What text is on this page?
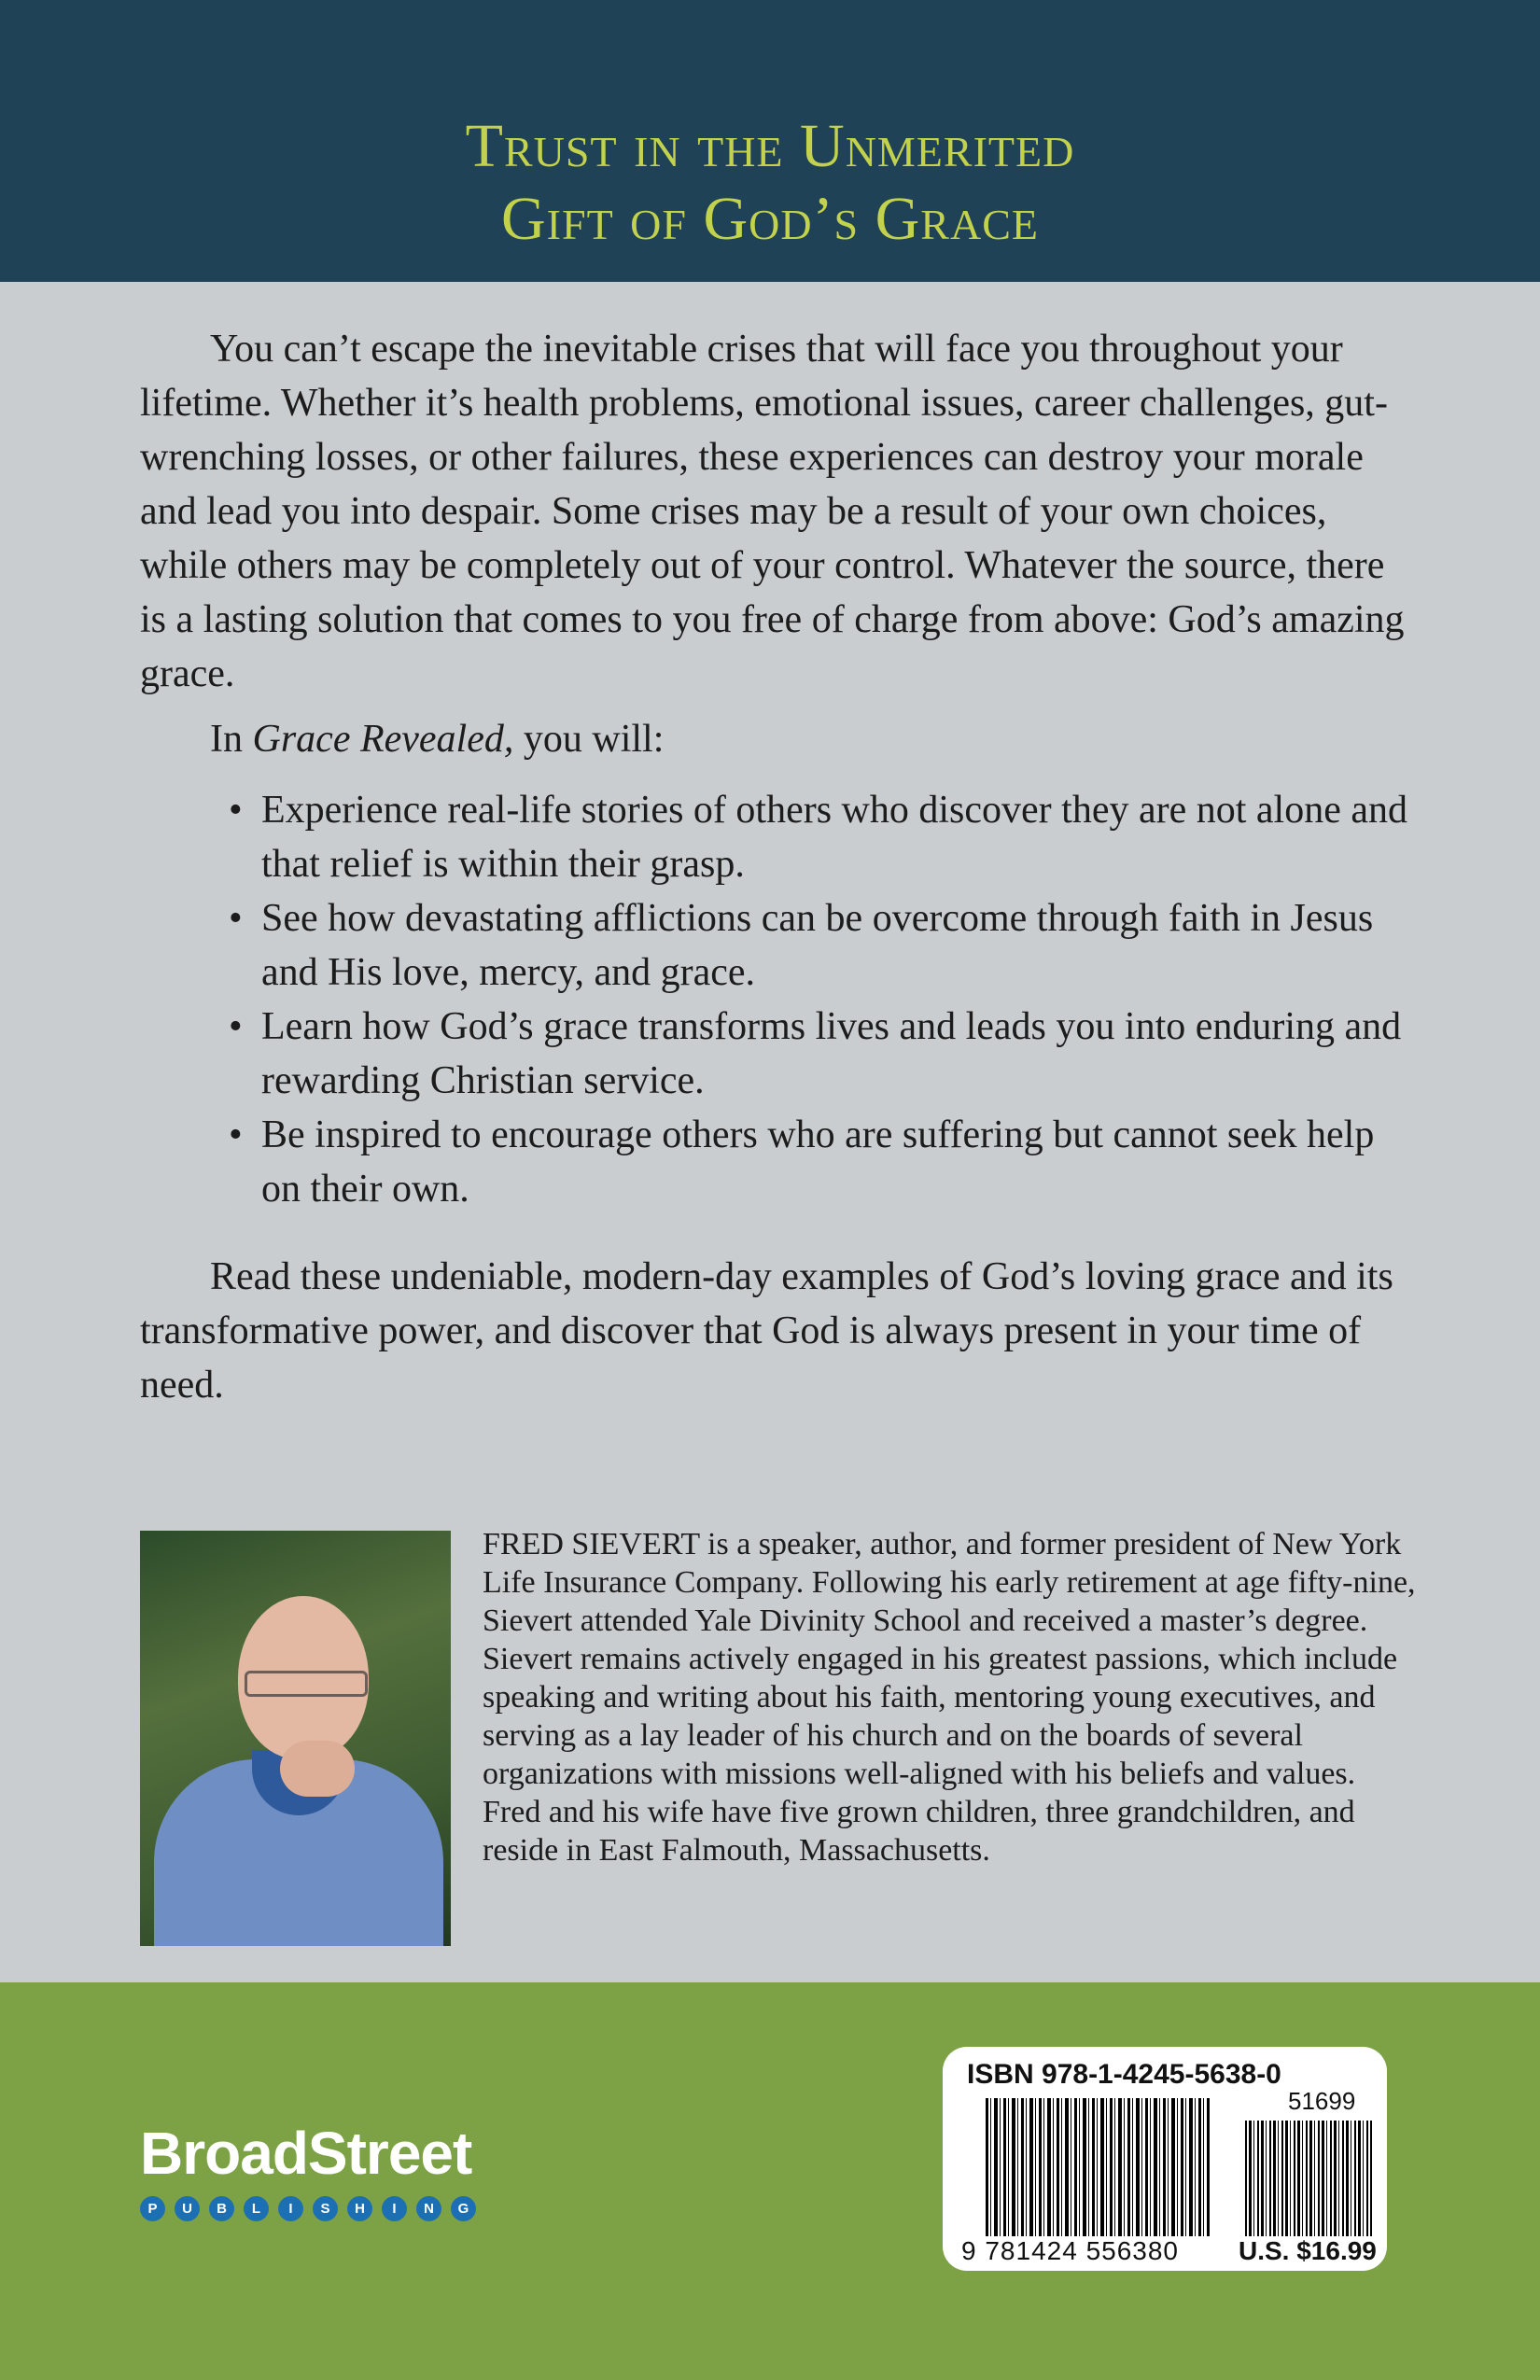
Trust in the Unmerited
Gift of God’s Grace

You can’t escape the inevitable crises that will face you throughout your lifetime. Whether it’s health problems, emotional issues, career challenges, gut-wrenching losses, or other failures, these experiences can destroy your morale and lead you into despair. Some crises may be a result of your own choices, while others may be completely out of your control. Whatever the source, there is a lasting solution that comes to you free of charge from above: God’s amazing grace.

In Grace Revealed, you will:

• Experience real-life stories of others who discover they are not alone and that relief is within their grasp.
• See how devastating afflictions can be overcome through faith in Jesus and His love, mercy, and grace.
• Learn how God’s grace transforms lives and leads you into enduring and rewarding Christian service.
• Be inspired to encourage others who are suffering but cannot seek help on their own.

Read these undeniable, modern-day examples of God’s loving grace and its transformative power, and discover that God is always present in your time of need.

FRED SIEVERT is a speaker, author, and former president of New York Life Insurance Company. Following his early retirement at age fifty-nine, Sievert attended Yale Divinity School and received a master’s degree. Sievert remains actively engaged in his greatest passions, which include speaking and writing about his faith, mentoring young executives, and serving as a lay leader of his church and on the boards of several organizations with missions well-aligned with his beliefs and values. Fred and his wife have five grown children, three grandchildren, and reside in East Falmouth, Massachusetts.

BroadStreet
P	U	B	L	I	S	H	I	N	G
ISBN 978-1-4245-5638-0
51699
9 781424 556380 U.S. $16.99
